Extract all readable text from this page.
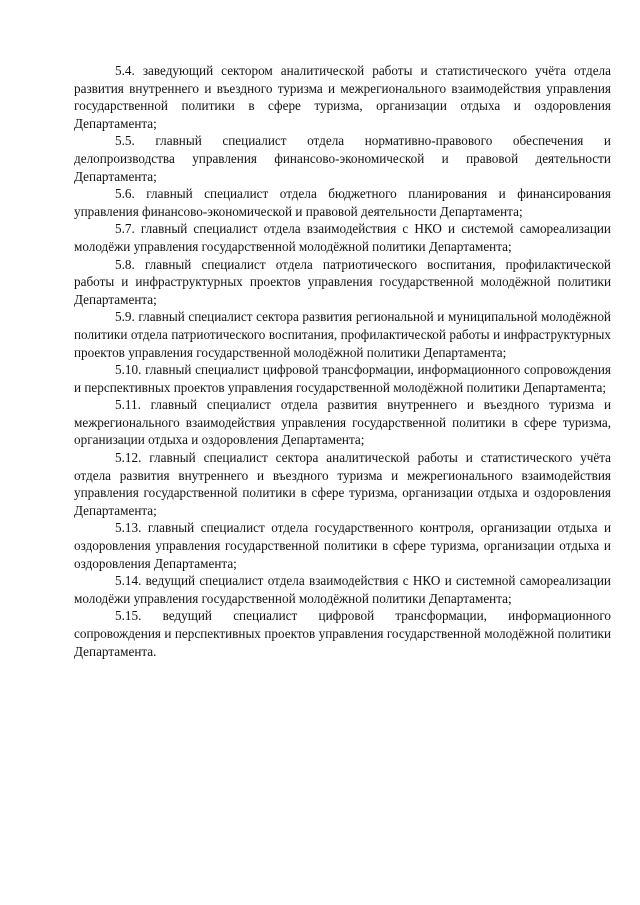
5.4. заведующий сектором аналитической работы и статистического учёта отдела развития внутреннего и въездного туризма и межрегионального взаимодействия управления государственной политики в сфере туризма, организации отдыха и оздоровления Департамента;

5.5. главный специалист отдела нормативно-правового обеспечения и делопроизводства управления финансово-экономической и правовой деятельности Департамента;

5.6. главный специалист отдела бюджетного планирования и финансирования управления финансово-экономической и правовой деятельности Департамента;

5.7. главный специалист отдела взаимодействия с НКО и системой самореализации молодёжи управления государственной молодёжной политики Департамента;

5.8. главный специалист отдела патриотического воспитания, профилактической работы и инфраструктурных проектов управления государственной молодёжной политики Департамента;

5.9. главный специалист сектора развития региональной и муниципальной молодёжной политики отдела патриотического воспитания, профилактической работы и инфраструктурных проектов управления государственной молодёжной политики Департамента;

5.10. главный специалист цифровой трансформации, информационного сопровождения и перспективных проектов управления государственной молодёжной политики Департамента;

5.11. главный специалист отдела развития внутреннего и въездного туризма и межрегионального взаимодействия управления государственной политики в сфере туризма, организации отдыха и оздоровления Департамента;

5.12. главный специалист сектора аналитической работы и статистического учёта отдела развития внутреннего и въездного туризма и межрегионального взаимодействия управления государственной политики в сфере туризма, организации отдыха и оздоровления Департамента;

5.13. главный специалист отдела государственного контроля, организации отдыха и оздоровления управления государственной политики в сфере туризма, организации отдыха и оздоровления Департамента;

5.14. ведущий специалист отдела взаимодействия с НКО и системной самореализации молодёжи управления государственной молодёжной политики Департамента;

5.15. ведущий специалист цифровой трансформации, информационного сопровождения и перспективных проектов управления государственной молодёжной политики Департамента.
